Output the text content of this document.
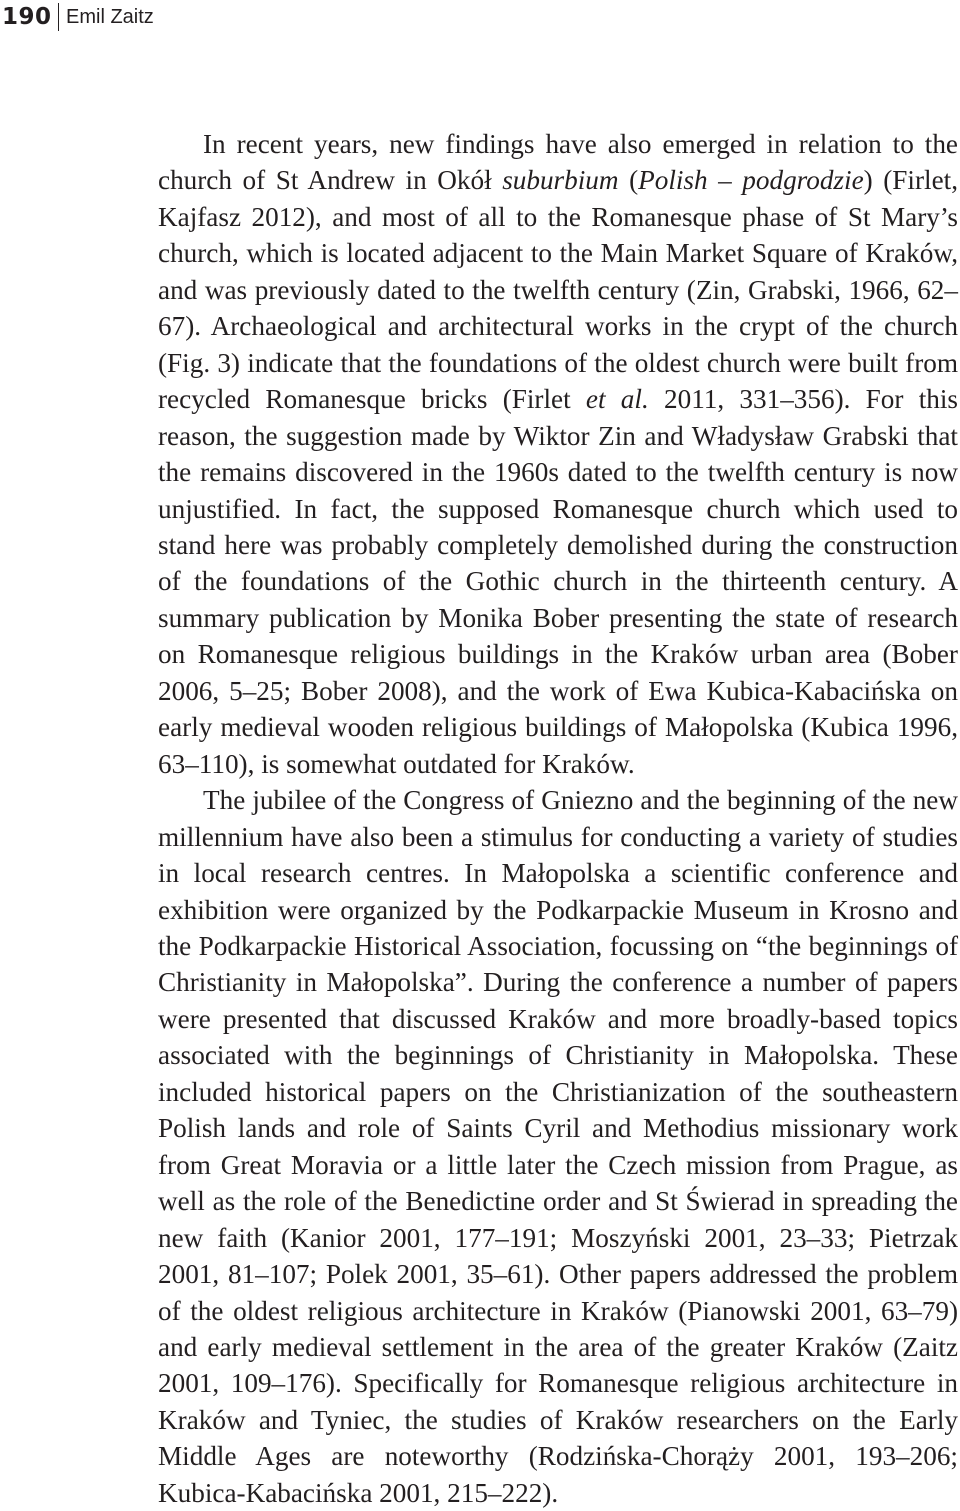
190 Emil Zaitz

In recent years, new findings have also emerged in relation to the church of St Andrew in Okół suburbium (Polish – podgrodzie) (Firlet, Kajfasz 2012), and most of all to the Romanesque phase of St Mary’s church, which is located adjacent to the Main Market Square of Kraków, and was previously dated to the twelfth century (Zin, Grabski, 1966, 62–67). Archaeological and architectural works in the crypt of the church (Fig. 3) indicate that the foundations of the oldest church were built from recycled Romanesque bricks (Firlet et al. 2011, 331–356). For this reason, the suggestion made by Wiktor Zin and Władysław Grabski that the remains discovered in the 1960s dated to the twelfth century is now unjustified. In fact, the supposed Romanesque church which used to stand here was probably completely demolished during the construction of the foundations of the Gothic church in the thirteenth century. A summary publication by Monika Bober presenting the state of research on Romanesque religious buildings in the Kraków urban area (Bober 2006, 5–25; Bober 2008), and the work of Ewa Kubica-Kabacińska on early medieval wooden religious buildings of Małopolska (Kubica 1996, 63–110), is somewhat outdated for Kraków.

The jubilee of the Congress of Gniezno and the beginning of the new millennium have also been a stimulus for conducting a variety of studies in local research centres. In Małopolska a scientific conference and exhibition were organized by the Podkarpackie Museum in Krosno and the Podkarpackie Historical Association, focussing on “the beginnings of Christianity in Małopolska”. During the conference a number of papers were presented that discussed Kraków and more broadly-based topics associated with the beginnings of Christianity in Małopolska. These included historical papers on the Christianization of the southeastern Polish lands and role of Saints Cyril and Methodius missionary work from Great Moravia or a little later the Czech mission from Prague, as well as the role of the Benedictine order and St Świerad in spreading the new faith (Kanior 2001, 177–191; Moszyński 2001, 23–33; Pietrzak 2001, 81–107; Polek 2001, 35–61). Other papers addressed the problem of the oldest religious architecture in Kraków (Pianowski 2001, 63–79) and early medieval settlement in the area of the greater Kraków (Zaitz 2001, 109–176). Specifically for Romanesque religious architecture in Kraków and Tyniec, the studies of Kraków researchers on the Early Middle Ages are noteworthy (Rodzińska-Chorąży 2001, 193–206; Kubica-Kabacińska 2001, 215–222).
